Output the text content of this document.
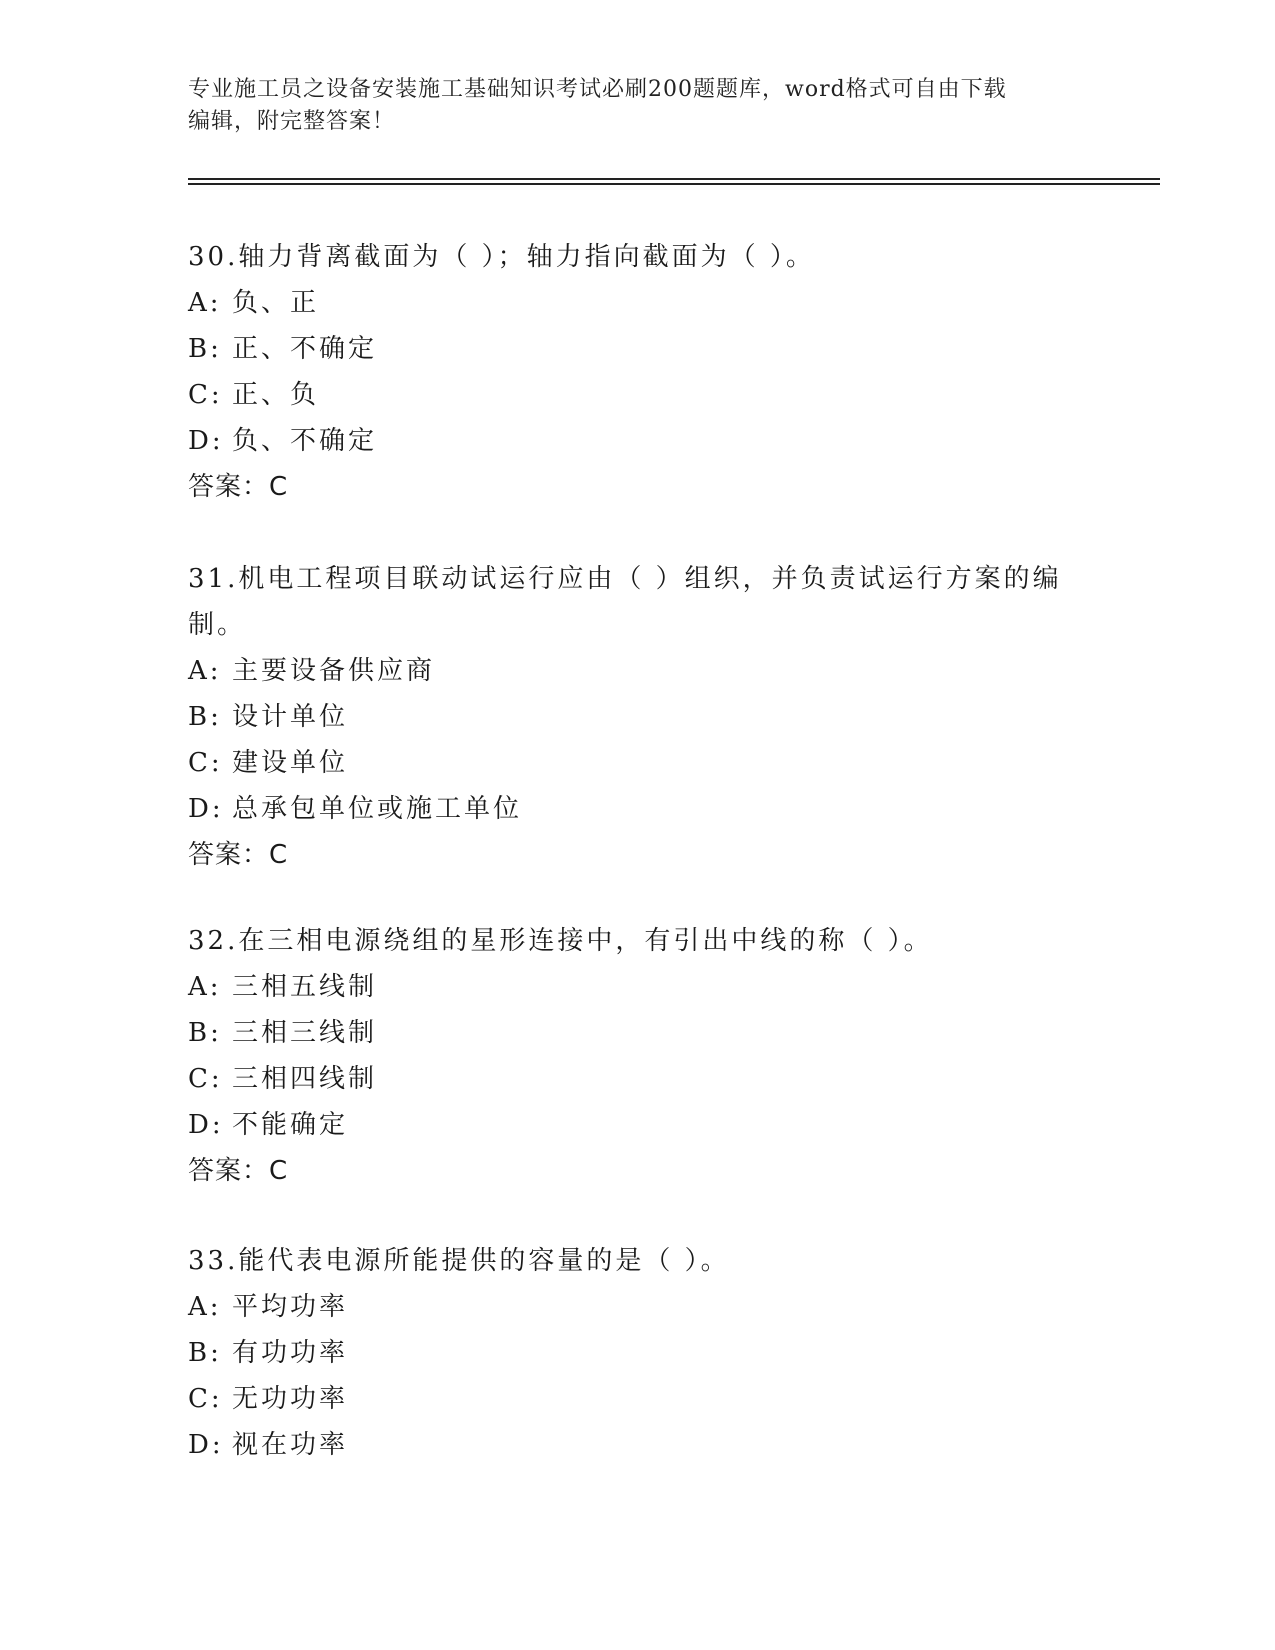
专业施工员之设备安装施工基础知识考试必刷200题题库，word格式可自由下载
编辑，附完整答案！

30.轴力背离截面为（ ）；轴力指向截面为（ ）。

A: 负、正

B: 正、不确定

C: 正、负

D: 负、不确定

答案：C

31.机电工程项目联动试运行应由（ ）组织，并负责试运行方案的编制。

A: 主要设备供应商

B: 设计单位

C: 建设单位

D: 总承包单位或施工单位

答案：C

32.在三相电源绕组的星形连接中，有引出中线的称（ ）。

A: 三相五线制

B: 三相三线制

C: 三相四线制

D: 不能确定

答案：C

33.能代表电源所能提供的容量的是（ ）。

A: 平均功率

B: 有功功率

C: 无功功率

D: 视在功率
